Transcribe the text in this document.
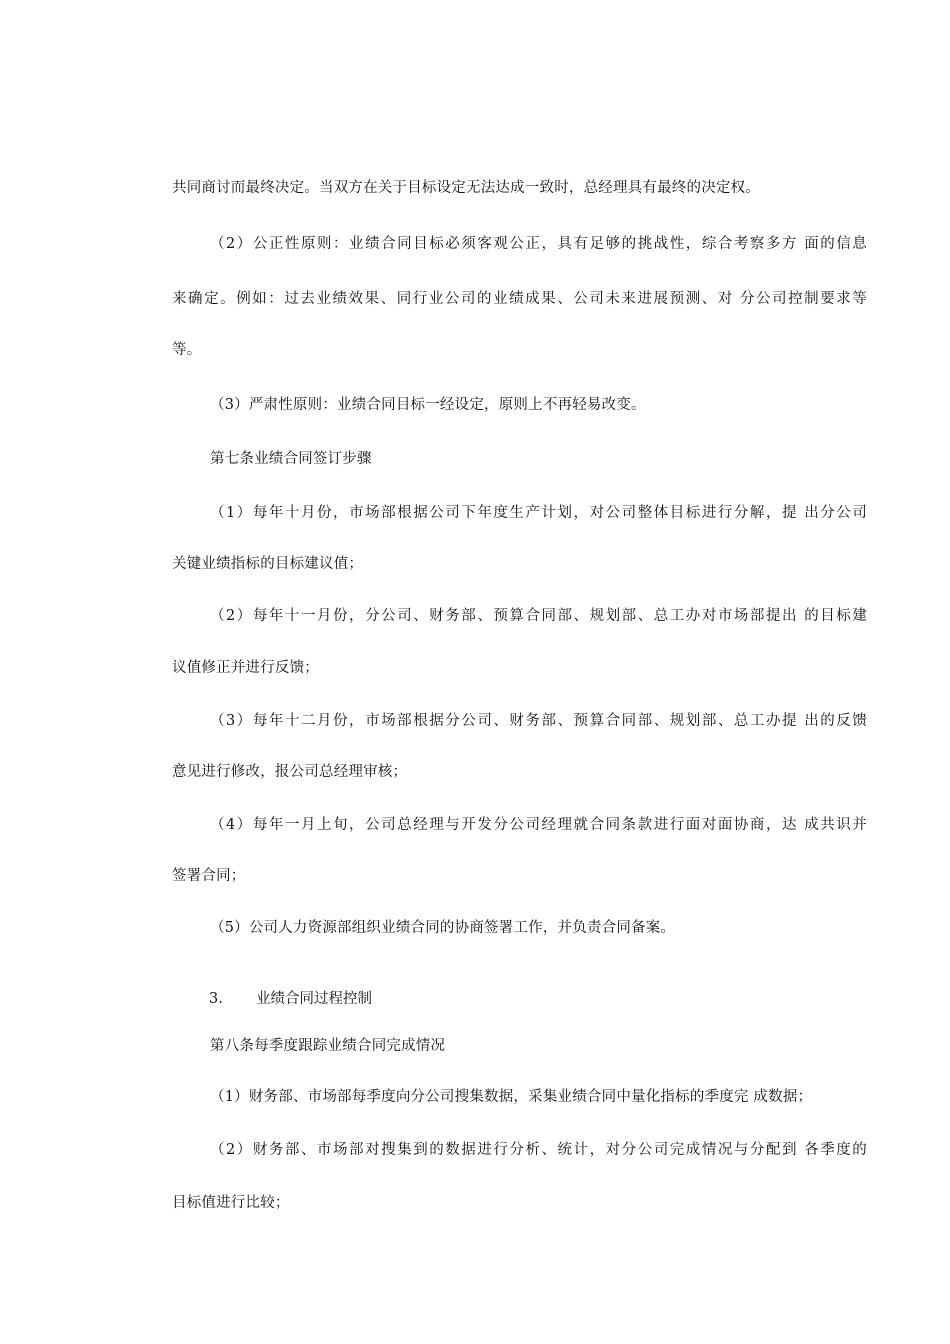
共同商讨而最终决定。当双方在关于目标设定无法达成一致时，总经理具有最终的决定权。
（2）公正性原则：业绩合同目标必须客观公正，具有足够的挑战性，综合考察多方 面的信息
来确定。例如：过去业绩效果、同行业公司的业绩成果、公司未来进展预测、对 分公司控制要求等
等。
（3）严肃性原则：业绩合同目标一经设定，原则上不再轻易改变。
第七条业绩合同签订步骤
（1）每年十月份，市场部根据公司下年度生产计划，对公司整体目标进行分解，提 出分公司
关键业绩指标的目标建议值；
（2）每年十一月份，分公司、财务部、预算合同部、规划部、总工办对市场部提出 的目标建
议值修正并进行反馈；
（3）每年十二月份，市场部根据分公司、财务部、预算合同部、规划部、总工办提 出的反馈
意见进行修改，报公司总经理审核；
（4）每年一月上旬，公司总经理与开发分公司经理就合同条款进行面对面协商，达 成共识并
签署合同；
（5）公司人力资源部组织业绩合同的协商签署工作，并负责合同备案。
3. 业绩合同过程控制
第八条每季度跟踪业绩合同完成情况
（1）财务部、市场部每季度向分公司搜集数据，采集业绩合同中量化指标的季度完 成数据；
（2）财务部、市场部对搜集到的数据进行分析、统计，对分公司完成情况与分配到 各季度的
目标值进行比较；
